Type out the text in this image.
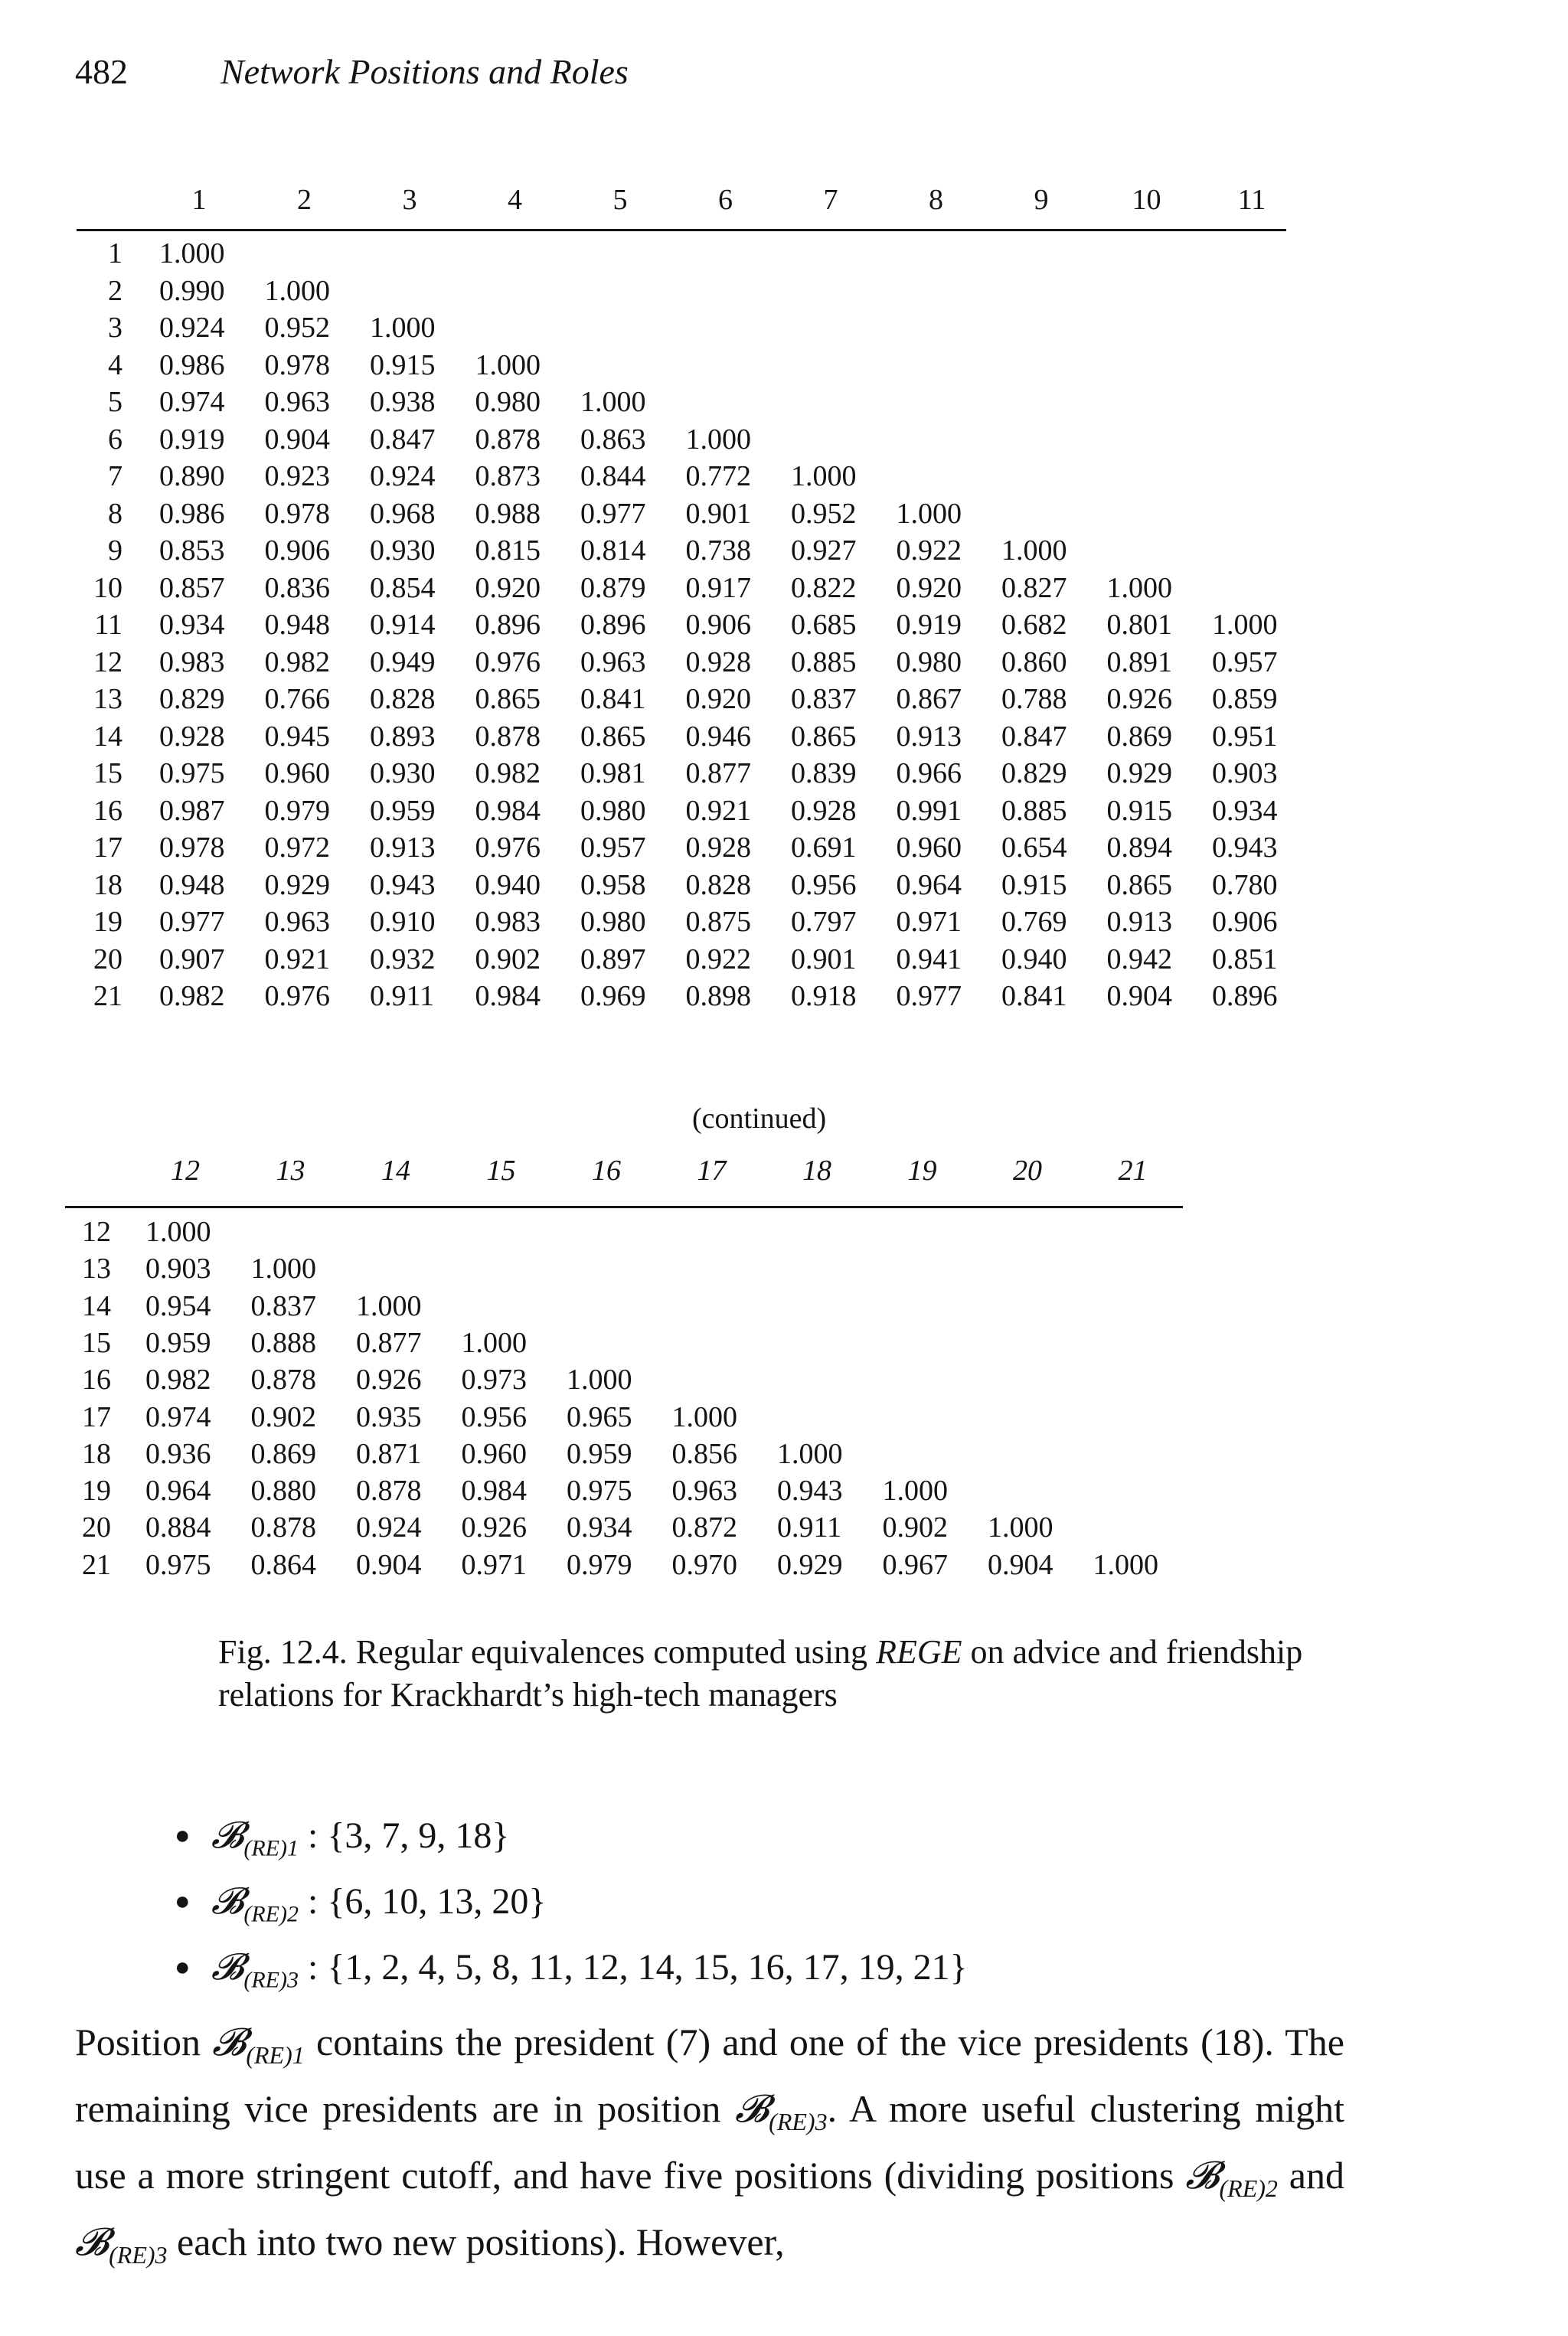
482	Network Positions and Roles
1	2	3	4	5	6	7	8	9	10	11
1 1.000
2 0.990 1.000
3 0.924 0.952 1.000
4 0.986 0.978 0.915 1.000
5 0.974 0.963 0.938 0.980 1.000
6 0.919 0.904 0.847 0.878 0.863 1.000
7 0.890 0.923 0.924 0.873 0.844 0.772 1.000
8 0.986 0.978 0.968 0.988 0.977 0.901 0.952 1.000
9 0.853 0.906 0.930 0.815 0.814 0.738 0.927 0.922 1.000
10 0.857 0.836 0.854 0.920 0.879 0.917 0.822 0.920 0.827 1.000
11 0.934 0.948 0.914 0.896 0.896 0.906 0.685 0.919 0.682 0.801 1.000
12 0.983 0.982 0.949 0.976 0.963 0.928 0.885 0.980 0.860 0.891 0.957
13 0.829 0.766 0.828 0.865 0.841 0.920 0.837 0.867 0.788 0.926 0.859
14 0.928 0.945 0.893 0.878 0.865 0.946 0.865 0.913 0.847 0.869 0.951
15 0.975 0.960 0.930 0.982 0.981 0.877 0.839 0.966 0.829 0.929 0.903
16 0.987 0.979 0.959 0.984 0.980 0.921 0.928 0.991 0.885 0.915 0.934
17 0.978 0.972 0.913 0.976 0.957 0.928 0.691 0.960 0.654 0.894 0.943
18 0.948 0.929 0.943 0.940 0.958 0.828 0.956 0.964 0.915 0.865 0.780
19 0.977 0.963 0.910 0.983 0.980 0.875 0.797 0.971 0.769 0.913 0.906
20 0.907 0.921 0.932 0.902 0.897 0.922 0.901 0.941 0.940 0.942 0.851
21 0.982 0.976 0.911 0.984 0.969 0.898 0.918 0.977 0.841 0.904 0.896
(continued)
12	13	14	15	16	17	18	19	20	21
12 1.000
13 0.903 1.000
14 0.954 0.837 1.000
15 0.959 0.888 0.877 1.000
16 0.982 0.878 0.926 0.973 1.000
17 0.974 0.902 0.935 0.956 0.965 1.000
18 0.936 0.869 0.871 0.960 0.959 0.856 1.000
19 0.964 0.880 0.878 0.984 0.975 0.963 0.943 1.000
20 0.884 0.878 0.924 0.926 0.934 0.872 0.911 0.902 1.000
21 0.975 0.864 0.904 0.971 0.979 0.970 0.929 0.967 0.904 1.000
Fig. 12.4. Regular equivalences computed using REGE on advice and friendship relations for Krackhardt’s high-tech managers
● 𝓑$_{(RE)1}$ : {3, 7, 9, 18}
● 𝓑$_{(RE)2}$ : {6, 10, 13, 20}
● 𝓑$_{(RE)3}$ : {1, 2, 4, 5, 8, 11, 12, 14, 15, 16, 17, 19, 21}
Position 𝓑$_{(RE)1}$ contains the president (7) and one of the vice presidents (18). The remaining vice presidents are in position 𝓑$_{(RE)3}$. A more useful clustering might use a more stringent cutoff, and have five positions (dividing positions 𝓑$_{(RE)2}$ and 𝓑$_{(RE)3}$ each into two new positions). However,
